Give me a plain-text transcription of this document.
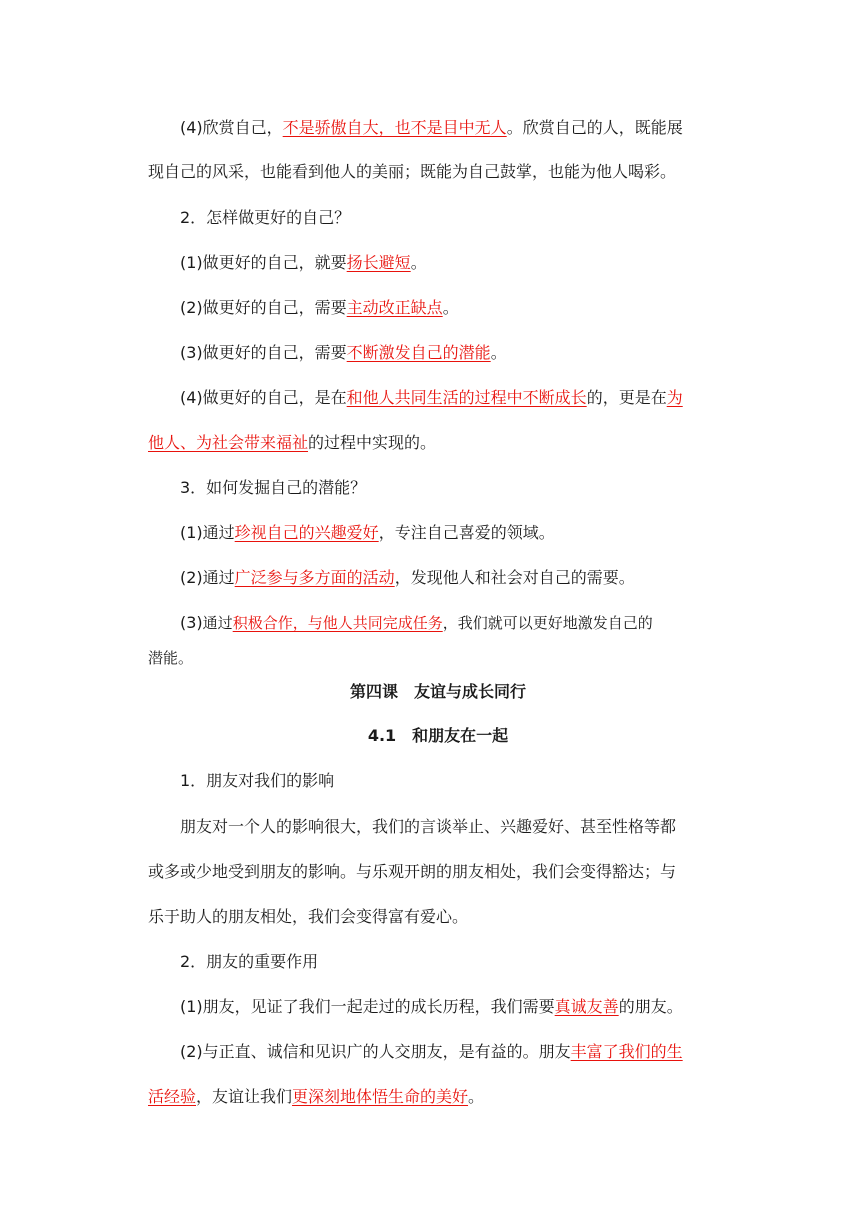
(4)欣赏自己，不是骄傲自大，也不是目中无人。欣赏自己的人，既能展
现自己的风采，也能看到他人的美丽；既能为自己鼓掌，也能为他人喝彩。
2．怎样做更好的自己？
(1)做更好的自己，就要扬长避短。
(2)做更好的自己，需要主动改正缺点。
(3)做更好的自己，需要不断激发自己的潜能。
(4)做更好的自己，是在和他人共同生活的过程中不断成长的，更是在为
他人、为社会带来福祉的过程中实现的。
3．如何发掘自己的潜能？
(1)通过珍视自己的兴趣爱好，专注自己喜爱的领域。
(2)通过广泛参与多方面的活动，发现他人和社会对自己的需要。
(3)通过积极合作，与他人共同完成任务，我们就可以更好地激发自己的
潜能。
第四课　友谊与成长同行
4.1　和朋友在一起
1．朋友对我们的影响
朋友对一个人的影响很大，我们的言谈举止、兴趣爱好、甚至性格等都
或多或少地受到朋友的影响。与乐观开朗的朋友相处，我们会变得豁达；与
乐于助人的朋友相处，我们会变得富有爱心。
2．朋友的重要作用
(1)朋友，见证了我们一起走过的成长历程，我们需要真诚友善的朋友。
(2)与正直、诚信和见识广的人交朋友，是有益的。朋友丰富了我们的生
活经验，友谊让我们更深刻地体悟生命的美好。
